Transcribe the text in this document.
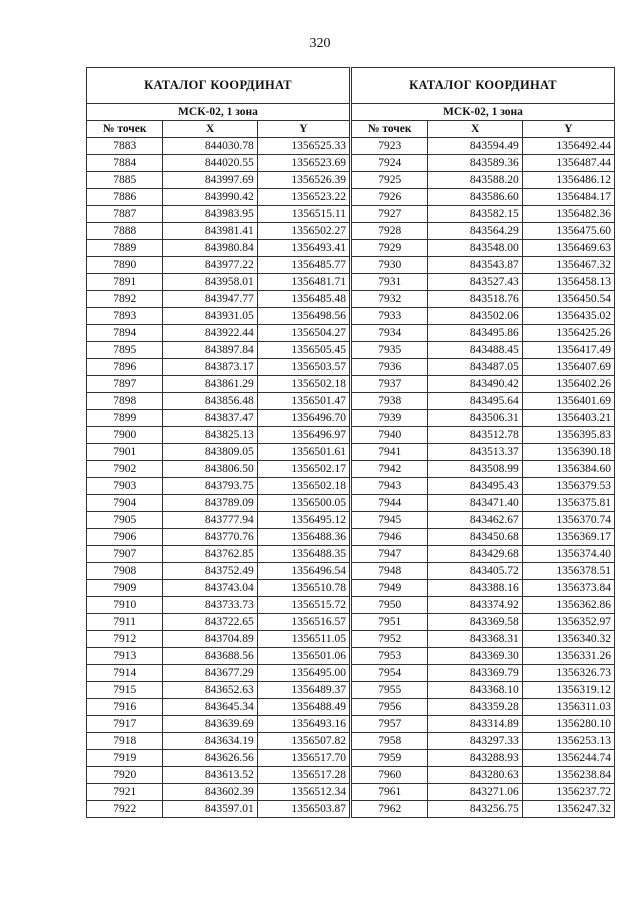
320
КАТАЛОГ КООРДИНАТ		
МСК-02, 1 зона		
№ точек	X	Y
7883	844030.78	1356525.33
7884	844020.55	1356523.69
7885	843997.69	1356526.39
7886	843990.42	1356523.22
7887	843983.95	1356515.11
7888	843981.41	1356502.27
7889	843980.84	1356493.41
7890	843977.22	1356485.77
7891	843958.01	1356481.71
7892	843947.77	1356485.48
7893	843931.05	1356498.56
7894	843922.44	1356504.27
7895	843897.84	1356505.45
7896	843873.17	1356503.57
7897	843861.29	1356502.18
7898	843856.48	1356501.47
7899	843837.47	1356496.70
7900	843825.13	1356496.97
7901	843809.05	1356501.61
7902	843806.50	1356502.17
7903	843793.75	1356502.18
7904	843789.09	1356500.05
7905	843777.94	1356495.12
7906	843770.76	1356488.36
7907	843762.85	1356488.35
7908	843752.49	1356496.54
7909	843743.04	1356510.78
7910	843733.73	1356515.72
7911	843722.65	1356516.57
7912	843704.89	1356511.05
7913	843688.56	1356501.06
7914	843677.29	1356495.00
7915	843652.63	1356489.37
7916	843645.34	1356488.49
7917	843639.69	1356493.16
7918	843634.19	1356507.82
7919	843626.56	1356517.70
7920	843613.52	1356517.28
7921	843602.39	1356512.34
7922	843597.01	1356503.87
КАТАЛОГ КООРДИНАТ		
МСК-02, 1 зона		
№ точек	X	Y
7923	843594.49	1356492.44
7924	843589.36	1356487.44
7925	843588.20	1356486.12
7926	843586.60	1356484.17
7927	843582.15	1356482.36
7928	843564.29	1356475.60
7929	843548.00	1356469.63
7930	843543.87	1356467.32
7931	843527.43	1356458.13
7932	843518.76	1356450.54
7933	843502.06	1356435.02
7934	843495.86	1356425.26
7935	843488.45	1356417.49
7936	843487.05	1356407.69
7937	843490.42	1356402.26
7938	843495.64	1356401.69
7939	843506.31	1356403.21
7940	843512.78	1356395.83
7941	843513.37	1356390.18
7942	843508.99	1356384.60
7943	843495.43	1356379.53
7944	843471.40	1356375.81
7945	843462.67	1356370.74
7946	843450.68	1356369.17
7947	843429.68	1356374.40
7948	843405.72	1356378.51
7949	843388.16	1356373.84
7950	843374.92	1356362.86
7951	843369.58	1356352.97
7952	843368.31	1356340.32
7953	843369.30	1356331.26
7954	843369.79	1356326.73
7955	843368.10	1356319.12
7956	843359.28	1356311.03
7957	843314.89	1356280.10
7958	843297.33	1356253.13
7959	843288.93	1356244.74
7960	843280.63	1356238.84
7961	843271.06	1356237.72
7962	843256.75	1356247.32
